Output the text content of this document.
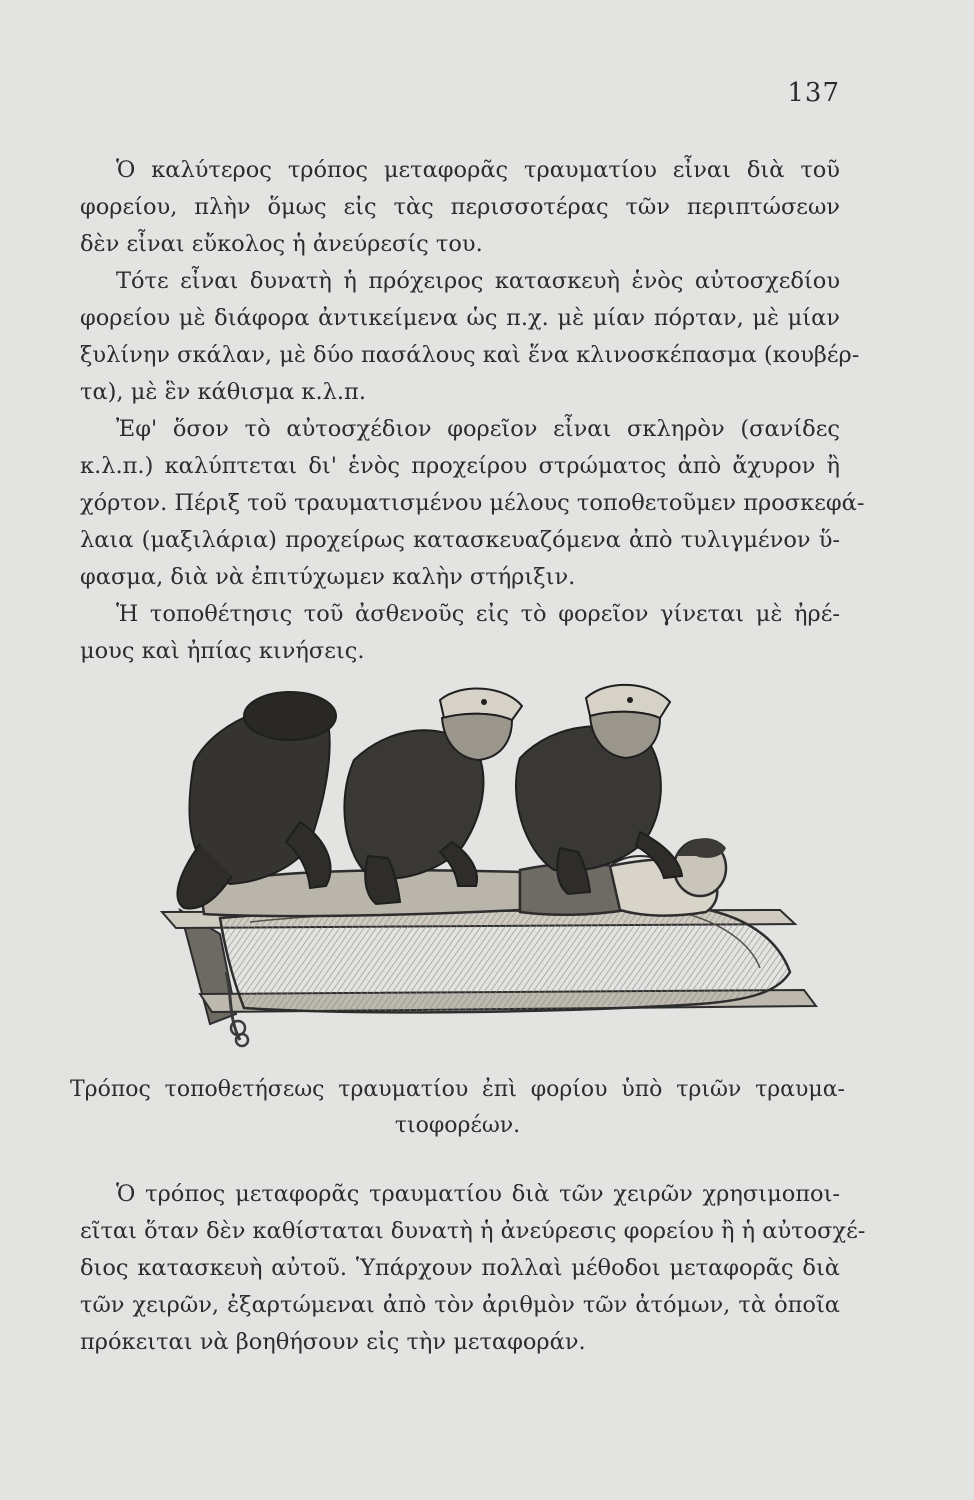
137
Ὁ καλύτερος τρόπος μεταφορᾶς τραυματίου εἶναι διὰ τοῦ
φορείου, πλὴν ὅμως εἰς τὰς περισσοτέρας τῶν περιπτώσεων
δὲν εἶναι εὔκολος ἡ ἀνεύρεσίς του.
Τότε εἶναι δυνατὴ ἡ πρόχειρος κατασκευὴ ἑνὸς αὐτοσχεδίου
φορείου μὲ διάφορα ἀντικείμενα ὡς π.χ. μὲ μίαν πόρταν, μὲ μίαν
ξυλίνην σκάλαν, μὲ δύο πασάλους καὶ ἕνα κλινοσκέπασμα (κουβέρ-
τα), μὲ ἓν κάθισμα κ.λ.π.
Ἐφ' ὅσον τὸ αὐτοσχέδιον φορεῖον εἶναι σκληρὸν (σανίδες
κ.λ.π.) καλύπτεται δι' ἑνὸς προχείρου στρώματος ἀπὸ ἄχυρον ἢ
χόρτον. Πέριξ τοῦ τραυματισμένου μέλους τοποθετοῦμεν προσκεφά-
λαια (μαξιλάρια) προχείρως κατασκευαζόμενα ἀπὸ τυλιγμένον ὕ-
φασμα, διὰ νὰ ἐπιτύχωμεν καλὴν στήριξιν.
Ἡ τοποθέτησις τοῦ ἀσθενοῦς εἰς τὸ φορεῖον γίνεται μὲ ἠρέ-
μους καὶ ἠπίας κινήσεις.
Τρόπος τοποθετήσεως τραυματίου ἐπὶ φορίου ὑπὸ τριῶν τραυμα-
τιοφορέων.
Ὁ τρόπος μεταφορᾶς τραυματίου διὰ τῶν χειρῶν χρησιμοποι-
εῖται ὅταν δὲν καθίσταται δυνατὴ ἡ ἀνεύρεσις φορείου ἢ ἡ αὐτοσχέ-
διος κατασκευὴ αὐτοῦ. Ὑπάρχουν πολλαὶ μέθοδοι μεταφορᾶς διὰ
τῶν χειρῶν, ἐξαρτώμεναι ἀπὸ τὸν ἀριθμὸν τῶν ἀτόμων, τὰ ὁποῖα
πρόκειται νὰ βοηθήσουν εἰς τὴν μεταφοράν.
